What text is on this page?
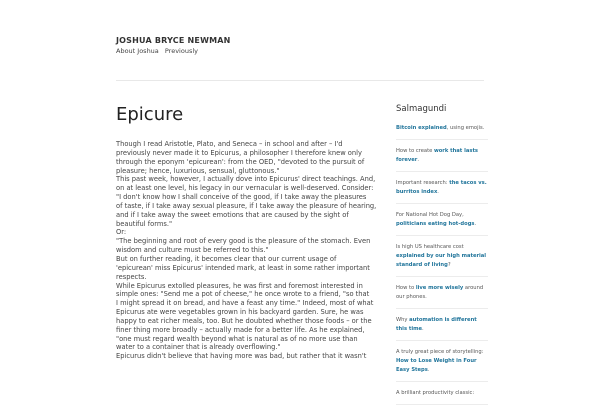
JOSHUA BRYCE NEWMAN
About Joshua Previously
Epicure

Though I read Aristotle, Plato, and Seneca – in school and after – I'd

previously never made it to Epicurus, a philosopher I therefore knew only

through the eponym 'epicurean': from the OED, "devoted to the pursuit of

pleasure; hence, luxurious, sensual, gluttonous."

This past week, however, I actually dove into Epicurus' direct teachings. And,

on at least one level, his legacy in our vernacular is well-deserved. Consider:

"I don't know how I shall conceive of the good, if I take away the pleasures

of taste, if I take away sexual pleasure, if I take away the pleasure of hearing,

and if I take away the sweet emotions that are caused by the sight of

beautiful forms."

Or:

"The beginning and root of every good is the pleasure of the stomach. Even

wisdom and culture must be referred to this."

But on further reading, it becomes clear that our current usage of

'epicurean' miss Epicurus' intended mark, at least in some rather important

respects.

While Epicurus extolled pleasures, he was first and foremost interested in

simple ones: "Send me a pot of cheese," he once wrote to a friend, "so that

I might spread it on bread, and have a feast any time." Indeed, most of what

Epicurus ate were vegetables grown in his backyard garden. Sure, he was

happy to eat richer meals, too. But he doubted whether those foods – or the

finer thing more broadly – actually made for a better life. As he explained,

"one must regard wealth beyond what is natural as of no more use than

water to a container that is already overflowing."

Epicurus didn't believe that having more was bad, but rather that it wasn't

Salmagundi
Bitcoin explained, using emojis.
How to create work that lasts forever.
Important research: the tacos vs. burritos index.
For National Hot Dog Day, politicians eating hot-dogs.
Is high US healthcare cost explained by our high material standard of living?
How to live more wisely around our phones.
Why automation is different this time.
A truly great piece of storytelling: How to Lose Weight in Four Easy Steps.
A brilliant productivity classic:
